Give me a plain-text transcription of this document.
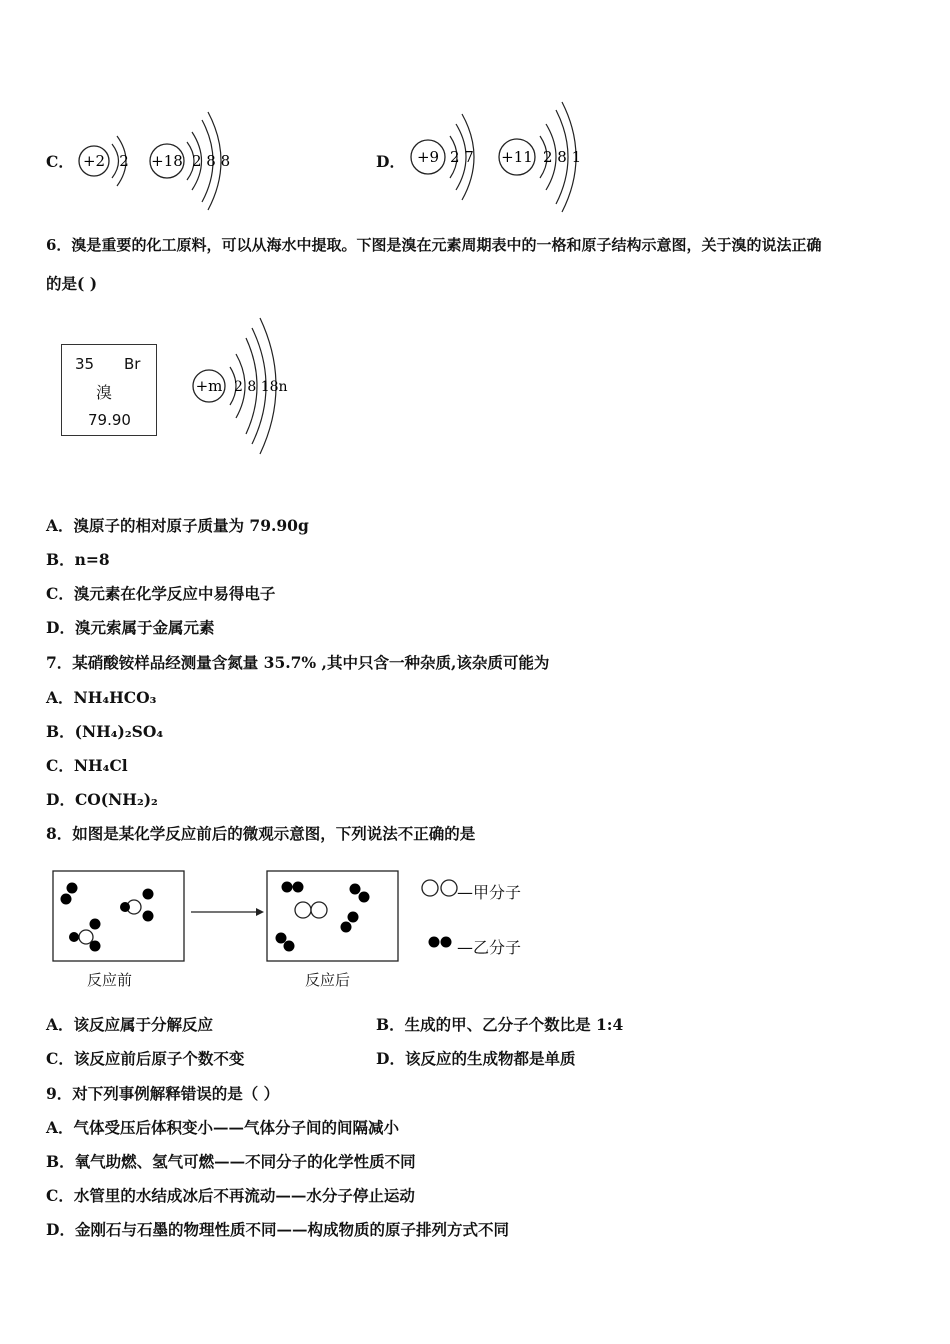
C． +2 2 +18 2 8 8	D． +9 2 7 +11 2 8 1
6．溴是重要的化工原料，可以从海水中提取。下图是溴在元素周期表中的一格和原子结构示意图，关于溴的说法正确
的是( )
35 Br
溴
79.90
+m 2 8 18n
A．溴原子的相对原子质量为 79.90g
B．n=8
C．溴元素在化学反应中易得电子
D．溴元索属于金属元素
7．某硝酸铵样品经测量含氮量 35.7% ,其中只含一种杂质,该杂质可能为
A．NH₄HCO₃
B．(NH₄)₂SO₄
C．NH₄Cl
D．CO(NH₂)₂
8．如图是某化学反应前后的微观示意图，下列说法不正确的是
—甲分子
—乙分子
反应前	反应后
A．该反应属于分解反应	B．生成的甲、乙分子个数比是 1:4
C．该反应前后原子个数不变	D．该反应的生成物都是单质
9．对下列事例解释错误的是（ ）
A．气体受压后体积变小——气体分子间的间隔减小
B．氧气助燃、氢气可燃——不同分子的化学性质不同
C．水管里的水结成冰后不再流动——水分子停止运动
D．金刚石与石墨的物理性质不同——构成物质的原子排列方式不同
